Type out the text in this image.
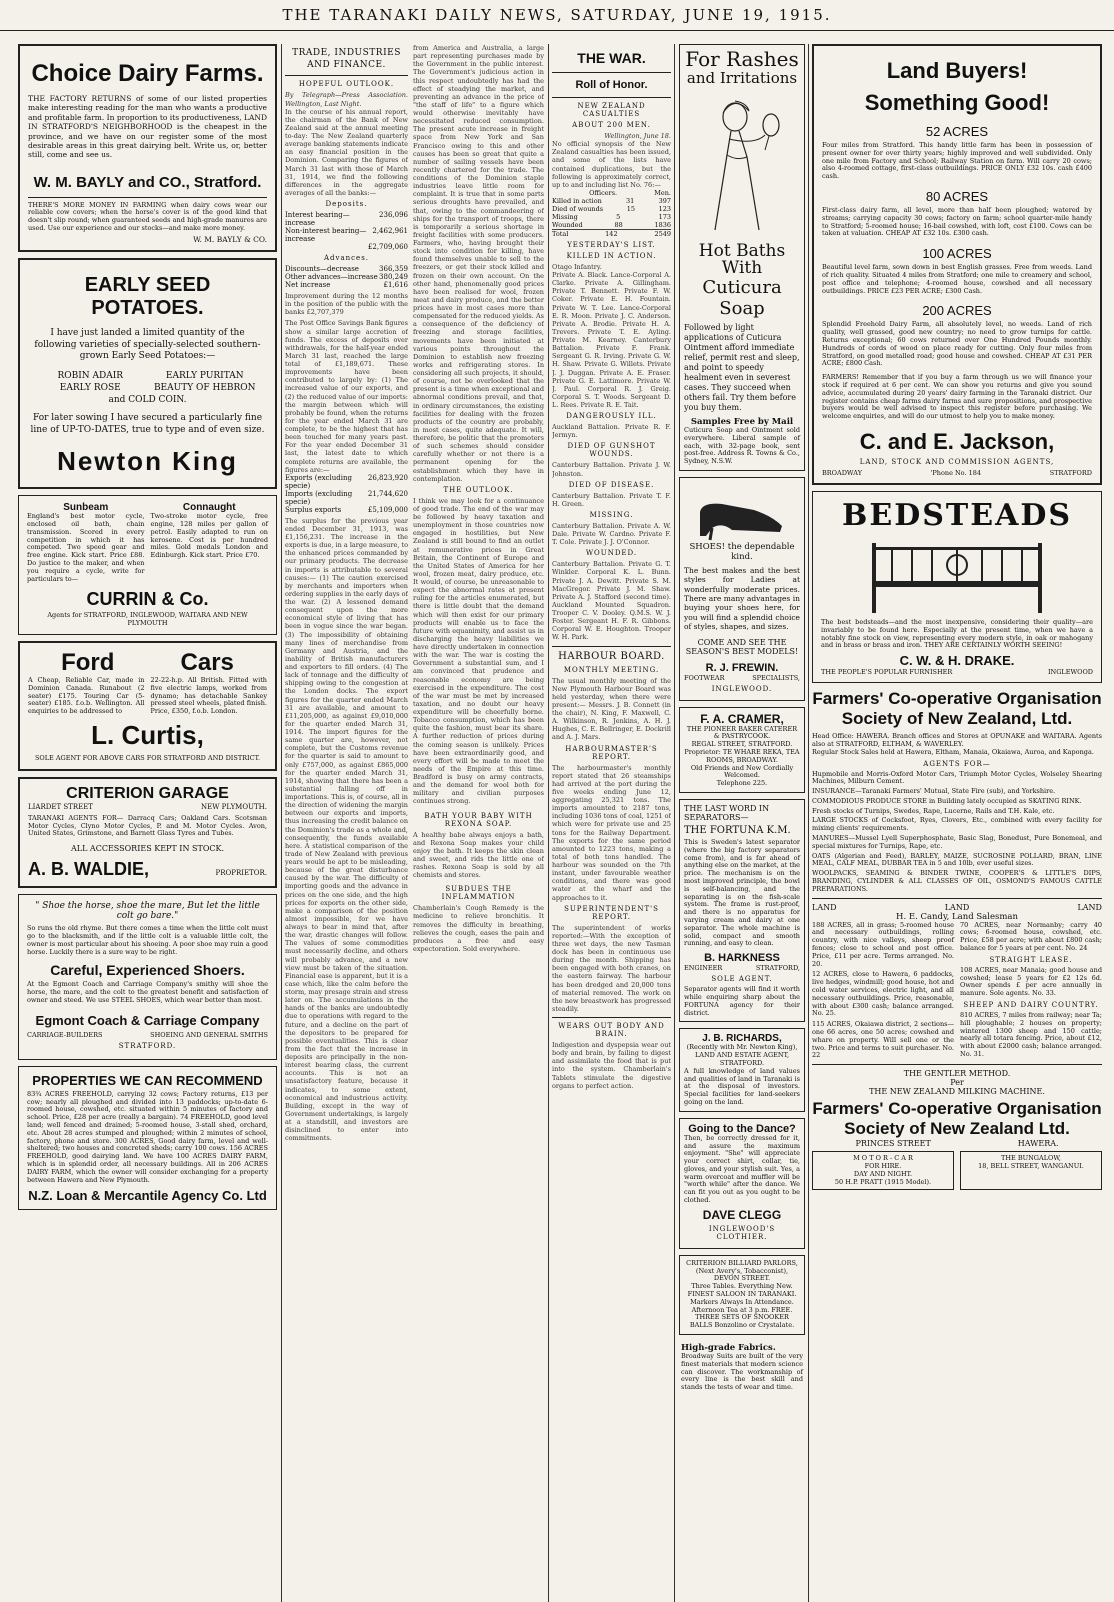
THE TARANAKI DAILY NEWS, SATURDAY, JUNE 19, 1915.
Choice Dairy Farms.
THE FACTORY RETURNS of some of our listed properties make interesting reading for the man who wants a productive and profitable farm. In proportion to its productiveness, LAND IN STRATFORD'S NEIGHBORHOOD is the cheapest in the province, and we have on our register some of the most desirable areas in this great dairying belt. Write us, or, better still, come and see us.
W. M. BAYLY and CO., Stratford.
THERE'S MORE MONEY IN FARMING when dairy cows wear our reliable cow covers; when the horse's cover is of the good kind that doesn't slip round; when guaranteed seeds and high-grade manures are used. Use our experience and our stocks—and make more money.
W. M. BAYLY & CO.
EARLY SEED POTATOES.
I have just landed a limited quantity of the following varieties of specially-selected southern-grown Early Seed Potatoes:—
ROBIN ADAIR	EARLY PURITAN
EARLY ROSE	BEAUTY OF HEBRON
and COLD COIN.
For later sowing I have secured a particularly fine line of UP-TO-DATES, true to type and of even size.
Newton King
Sunbeam
England's best motor cycle, enclosed oil bath, chain transmission. Scored in every competition in which it has competed. Two speed gear and free engine. Kick start. Price £88. Do justice to the maker, and when you require a cycle, write for particulars to—
Connaught
Two-stroke motor cycle, free engine, 128 miles per gallon of petrol. Easily adapted to run on kerosene. Cost is per hundred miles. Gold medals London and Edinburgh. Kick start. Price £70.
CURRIN & Co.
Agents for STRATFORD, INGLEWOOD, WAITARA AND NEW PLYMOUTH
Ford	Cars
A Cheap, Reliable Car, made in Dominion Canada. Runabout (2 seater) £175. Touring Car (5-seater) £185. f.o.b. Wellington. All enquiries to be addressed to
22-22-h.p. All British. Fitted with five electric lamps, worked from dynamo; has detachable Sankey pressed steel wheels, plated finish. Price, £350, f.o.b. London.
L. Curtis,
SOLE AGENT FOR ABOVE CARS FOR STRATFORD AND DISTRICT.
CRITERION GARAGE
LIARDET STREET	NEW PLYMOUTH.
TARANAKI AGENTS FOR— Darracq Cars; Oakland Cars. Scotsman Motor Cycles, Clyno Motor Cycles, P. and M. Motor Cycles. Avon, United States, Grimstone, and Barnett Glass Tyres and Tubes.
ALL ACCESSORIES KEPT IN STOCK.
A. B. WALDIE,	PROPRIETOR.
" Shoe the horse, shoe the mare, But let the little colt go bare."
So runs the old rhyme. But there comes a time when the little colt must go to the blacksmith, and if the little colt is a valuable little colt, the owner is most particular about his shoeing. A poor shoe may ruin a good horse. Luckily there is a sure way to be right.
Careful, Experienced Shoers.
At the Egmont Coach and Carriage Company's smithy will shoe the horse, the mare, and the colt to the greatest benefit and satisfaction of owner and steed. We use STEEL SHOES, which wear better than most.
Egmont Coach & Carriage Company
CARRIAGE-BUILDERS	SHOEING AND GENERAL SMITHS
STRATFORD.
PROPERTIES WE CAN RECOMMEND
83¾ ACRES FREEHOLD, carrying 32 cows; Factory returns, £13 per cow; nearly all ploughed and divided into 13 paddocks; up-to-date 6-roomed house, cowshed, etc. situated within 5 minutes of factory and school. Price, £28 per acre (really a bargain). 74 FREEHOLD, good level land; well fenced and drained; 5-roomed house, 3-stall shed, orchard, etc. About 28 acres stumped and ploughed; within 2 minutes of school, factory, phone and store. 300 ACRES, Good dairy farm, level and well-sheltered; two houses and concreted sheds; carry 100 cows. 156 ACRES FREEHOLD, good dairying land. We have 100 ACRES DAIRY FARM, which is in splendid order, all necessary buildings. All in 206 ACRES DAIRY FARM, which the owner will consider exchanging for a property between Hawera and New Plymouth.
N.Z. Loan & Mercantile Agency Co. Ltd
TRADE, INDUSTRIES AND FINANCE.
HOPEFUL OUTLOOK.
By Telegraph—Press Association. Wellington, Last Night.
In the course of his annual report, the chairman of the Bank of New Zealand said at the annual meeting to-day: The New Zealand quarterly average banking statements indicate an easy financial position in the Dominion. Comparing the figures of March 31 last with those of March 31, 1914, we find the following differences in the aggregate averages of all the banks:—
Deposits.
Interest bearing—increase
236,096
Non-interest bearing—increase
2,462,961
£2,709,060
Advances.
Discounts—decrease	366,359
Other advances—increase 380,249
Net increase	£1,616
Improvement during the 12 months in the position of the public with the banks £2,707,379
The Post Office Savings Bank figures show a similar large accretion of funds. The excess of deposits over withdrawals, for the half-year ended March 31 last, reached the large total of £1,189,671. These improvements have been contributed to largely by: (1) The increased value of our exports, and (2) the reduced value of our imports: the margin between which will probably be found, when the returns for the year ended March 31 are complete, to be the highest that has been touched for many years past. For the year ended December 31 last, the latest date to which complete returns are available, the figures are:—
Exports (excluding specie)
26,823,920
Imports (excluding specie)
21,744,620
Surplus exports	£5,109,000
The surplus for the previous year ended December 31, 1913, was £1,156,231. The increase in the exports is due, in a large measure, to the enhanced prices commanded by our primary products. The decrease in imports is attributable to several causes:— (1) The caution exercised by merchants and importers when ordering supplies in the early days of the war. (2) A lessened demand consequent upon the more economical style of living that has been in vogue since the war began. (3) The impossibility of obtaining many lines of merchandise from Germany and Austria, and the inability of British manufacturers and exporters to fill orders. (4) The lack of tonnage and the difficulty of shipping owing to the congestion at the London docks. The export figures for the quarter ended March 31 are available, and amount to £11,205,000, as against £9,010,000 for the quarter ended March 31, 1914. The import figures for the same quarter are, however, not complete, but the Customs revenue for the quarter is said to amount to only £757,000, as against £865,000 for the quarter ended March 31, 1914, showing that there has been a substantial falling off in importations. This is, of course, all in the direction of widening the margin between our exports and imports, thus increasing the credit balance on the Dominion's trade as a whole and, consequently, the funds available here. A statistical comparison of the trade of New Zealand with previous years would be apt to be misleading, because of the great disturbance caused by the war. The difficulty of importing goods and the advance in prices on the one side, and the high prices for exports on the other side, make a comparison of the position almost impossible, for we have always to bear in mind that, after the war, drastic changes will follow. The values of some commodities must necessarily decline, and others will probably advance, and a new view must be taken of the situation. Financial ease is apparent, but it is a case which, like the calm before the storm, may presage strain and stress later on. The accumulations in the hands of the banks are undoubtedly due to operations with regard to the future, and a decline on the part of the depositors to be prepared for possible eventualities. This is clear from the fact that the increase in deposits are principally in the non-interest bearing class, the current accounts. This is not an unsatisfactory feature, because it indicates, to some extent, economical and industrious activity. Building, except in the way of Government undertakings, is largely at a standstill, and investors are disinclined to enter into commitments.
from America and Australia, a large part representing purchases made by the Government in the public interest. The Government's judicious action in this respect undoubtedly has had the effect of steadying the market, and preventing an advance in the price of "the staff of life" to a figure which would otherwise inevitably have necessitated reduced consumption. The present acute increase in freight space from New York and San Francisco owing to this and other causes has been so great that quite a number of sailing vessels have been recently chartered for the trade. The conditions of the Dominion staple industries leave little room for complaint. It is true that in some parts serious droughts have prevailed, and that, owing to the commandeering of ships for the transport of troops, there is temporarily a serious shortage in freight facilities with some producers. Farmers, who, having brought their stock into condition for killing, have found themselves unable to sell to the freezers, or get their stock killed and frozen on their own account. On the other hand, phenomenally good prices have been realised for wool, frozen meat and dairy produce, and the better prices have in most cases more than compensated for the reduced yields. As a consequence of the deficiency of freezing and storage facilities, movements have been initiated at various points throughout the Dominion to establish new freezing works and refrigerating stores. In considering all such projects, it should, of course, not be overlooked that the present is a time when exceptional and abnormal conditions prevail, and that, in ordinary circumstances, the existing facilities for dealing with the frozen products of the country are probably, in most cases, quite adequate. It will, therefore, be politic that the promoters of such schemes should consider carefully whether or not there is a permanent opening for the establishment which they have in contemplation.
THE OUTLOOK.
I think we may look for a continuance of good trade. The end of the war may be followed by heavy taxation and unemployment in those countries now engaged in hostilities, but New Zealand is still bound to find an outlet at remunerative prices in Great Britain, the Continent of Europe and the United States of America for her wool, frozen meat, dairy produce, etc. It would, of course, be unreasonable to expect the abnormal rates at present ruling for the articles enumerated, but there is little doubt that the demand which will then exist for our primary products will enable us to face the future with equanimity, and assist us in discharging the heavy liabilities we have directly undertaken in connection with the war. The war is costing the Government a substantial sum, and I am convinced that prudence and reasonable economy are being exercised in the expenditure. The cost of the war must be met by increased taxation, and no doubt our heavy expenditure will be cheerfully borne. Tobacco consumption, which has been quite the fashion, must bear its share. A further reduction of prices during the coming season is unlikely. Prices have been extraordinarily good, and every effort will be made to meet the needs of the Empire at this time. Bradford is busy on army contracts, and the demand for wool both for military and civilian purposes continues strong.
BATH YOUR BABY WITH REXONA SOAP.
A healthy babe always enjoys a bath, and Rexona Soap makes your child enjoy the bath. It keeps the skin clean and sweet, and rids the little one of rashes. Rexona Soap is sold by all chemists and stores.
SUBDUES THE INFLAMMATION
Chamberlain's Cough Remedy is the medicine to relieve bronchitis. It removes the difficulty in breathing, relieves the cough, eases the pain and produces a free and easy expectoration. Sold everywhere.
THE WAR.
Roll of Honor.
NEW ZEALAND CASUALTIES
ABOUT 200 MEN.
Wellington, June 18.
No official synopsis of the New Zealand casualties has been issued, and some of the lists have contained duplications, but the following is approximately correct, up to and including list No. 76:—
Officers.	Men.
Killed in action	31	397
Died of wounds	15	123
Missing	5	173
Wounded	88	1836
Total	142	2549
YESTERDAY'S LIST.
KILLED IN ACTION.
Otago Infantry.
Private A. Black. Lance-Corporal A. Clarke. Private A. Gillingham. Private T. Bennett. Private F. W. Coker. Private E. H. Fountain. Private W. T. Lee. Lance-Corporal E. R. Moon. Private J. C. Anderson. Private A. Brodie. Private H. A. Trevers. Private T. E. Ayling. Private M. Kearney. Canterbury Battalion. Private F. Frank. Sergeant G. R. Irving. Private G. W. H. Shaw. Private G. Willets. Private J. J. Duggan. Private A. E. Fraser. Private G. E. Lattimore. Private W. J. Paul. Corporal R. J. Greig. Corporal S. T. Woods. Sergeant D. L. Rees. Private R. E. Tait.
DANGEROUSLY ILL.
Auckland Battalion. Private R. F. Jermyn.
DIED OF GUNSHOT WOUNDS.
Canterbury Battalion. Private J. W. Johnston.
DIED OF DISEASE.
Canterbury Battalion. Private T. F. H. Green.
MISSING.
Canterbury Battalion. Private A. W. Dale. Private W. Cardno. Private F. T. Cole. Private J. J. O'Connor.
WOUNDED.
Canterbury Battalion. Private G. T. Winkler. Corporal K. L. Bunn. Private J. A. Dewitt. Private S. M. MacGregor. Private J. M. Shaw. Private A. J. Stafford (second time). Auckland Mounted Squadron. Trooper C. V. Dooley. Q.M.S. W. J. Foster. Sergeant H. F. R. Gibbons. Corporal W. E. Houghton. Trooper W. H. Park.
HARBOUR BOARD.
MONTHLY MEETING.
The usual monthly meeting of the New Plymouth Harbour Board was held yesterday, when there were present:— Messrs. J. B. Connett (in the chair), N. King, F. Maxwell, C. A. Wilkinson, R. Jenkins, A. H. J. Hughes, C. E. Bellringer, E. Dockrill and A. J. Mars.
HARBOURMASTER'S REPORT.
The harbourmaster's monthly report stated that 26 steamships had arrived at the port during the five weeks ending June 12, aggregating 25,321 tons. The imports amounted to 2187 tons, including 1036 tons of coal, 1251 of which were for private use and 25 tons for the Railway Department. The exports for the same period amounted to 1223 tons, making a total of both tons handled. The harbour was sounded on the 7th instant, under favourable weather conditions, and there was good water at the wharf and the approaches to it.
SUPERINTENDENT'S REPORT.
The superintendent of works reported:—With the exception of three wet days, the new Tasman dock has been in continuous use during the month. Shipping has been engaged with both cranes, on the eastern fairway. The harbour has been dredged and 20,000 tons of material removed. The work on the new breastwork has progressed steadily.
WEARS OUT BODY AND BRAIN.
Indigestion and dyspepsia wear out body and brain, by failing to digest and assimilate the food that is put into the system. Chamberlain's Tablets stimulate the digestive organs to perfect action.
For Rashes
and Irritations
Hot Baths With
Cuticura Soap
Followed by light applications of Cuticura Ointment afford immediate relief, permit rest and sleep, and point to speedy healment even in severest cases. They succeed when others fail. Try them before you buy them.
Samples Free by Mail
Cuticura Soap and Ointment sold everywhere. Liberal sample of each, with 32-page book, sent post-free. Address R. Towns & Co., Sydney, N.S.W.
SHOES! the dependable kind.
The best makes and the best styles for Ladies at wonderfully moderate prices. There are many advantages in buying your shoes here, for you will find a splendid choice of styles, shapes, and sizes.
COME AND SEE THE SEASON'S BEST MODELS!
R. J. FREWIN.
FOOTWEAR	SPECIALISTS,
INGLEWOOD.
F. A. CRAMER,
THE PIONEER BAKER CATERER & PASTRYCOOK.
REGAL STREET, STRATFORD.
Proprietor: TE WHARE REKA, TEA ROOMS, BROADWAY.
Old Friends and New Cordially Welcomed.
Telephone 225.
THE LAST WORD IN SEPARATORS—
THE FORTUNA K.M.
This is Sweden's latest separator (where the big factory separators come from), and is far ahead of anything else on the market, at the price. The mechanism is on the most improved principle, the bowl is self-balancing, and the separating is on the fish-scale system. The frame is rust-proof, and there is no apparatus for varying cream and dairy at one separator. The whole machine is solid, compact and smooth running, and easy to clean.
B. HARKNESS
ENGINEER	STRATFORD,
SOLE AGENT.
Separator agents will find it worth while enquiring sharp about the FORTUNA agency for their district.
J. B. RICHARDS,
(Recently with Mr. Newton King), LAND AND ESTATE AGENT, STRATFORD.
A full knowledge of land values and qualities of land in Taranaki is at the disposal of investors. Special facilities for land-seekers going on the land.
Going to the Dance?
Then, be correctly dressed for it, and assure the maximum enjoyment. "She" will appreciate your correct shirt, collar, tie, gloves, and your stylish suit. Yes, a warm overcoat and muffler will be "worth while" after the dance. We can fit you out as you ought to be clothed.
DAVE CLEGG
INGLEWOOD'S CLOTHIER.
CRITERION BILLIARD PARLORS,
(Next Avery's, Tobacconist), DEVON STREET.
Three Tables. Everything New.
FINEST SALOON IN TARANAKI.
Markers Always In Attendance.
Afternoon Tea at 3 p.m. FREE.
THREE SETS OF SNOOKER BALLS Bonzolino or Crystalate.
High-grade Fabrics.
Broadway Suits are built of the very finest materials that modern science can discover. The workmanship of every line is the best skill and stands the tests of wear and time.
Land Buyers!
Something Good!
52 ACRES
Four miles from Stratford. This handy little farm has been in possession of present owner for over thirty years; highly improved and well subdivided. Only one mile from Factory and School; Railway Station on farm. Will carry 20 cows; also 4-roomed cottage, first-class outbuildings. PRICE ONLY £32 10s. cash £400 cash.
80 ACRES
First-class dairy farm, all level, more than half been ploughed; watered by streams; carrying capacity 30 cows; factory on farm; school quarter-mile handy to Stratford; 5-roomed house; 16-bail cowshed, with loft, cost £100. Cows can be taken at valuation. CHEAP AT £32 10s. £300 cash.
100 ACRES
Beautiful level farm, sown down in best English grasses. Free from weeds. Land of rich quality. Situated 4 miles from Stratford; one mile to creamery and school, post office and telephone; 4-roomed house, cowshed and all necessary outbuildings. PRICE £23 PER ACRE; £300 Cash.
200 ACRES
Splendid Freehold Dairy Farm, all absolutely level, no weeds. Land of rich quality, well grassed, good new country; no need to grow turnips for cattle. Returns exceptional; 60 cows returned over One Hundred Pounds monthly. Hundreds of cords of wood on place ready for cutting. Only four miles from Stratford, on good metalled road; good house and cowshed. CHEAP AT £31 PER ACRE; £800 Cash.
FARMERS! Remember that if you buy a farm through us we will finance your stock if required at 6 per cent. We can show you returns and give you sound advice, accumulated during 20 years' dairy farming in the Taranaki district. Our register contains cheap farms dairy farms and sure propositions, and prospective buyers would be well advised to inspect this register before purchasing. We welcome enquiries, and will do our utmost to help you to make money.
C. and E. Jackson,
LAND, STOCK AND COMMISSION AGENTS,
BROADWAY	'Phone No. 184	STRATFORD
BEDSTEADS
The best bedsteads—and the most inexpensive, considering their quality—are invariably to be found here. Especially at the present time, when we have a notably fine stock on view, representing every modern style, in oak or mahogany and in brass or brass and iron. THEY ARE CERTAINLY WORTH SEEING!
C. W. & H. DRAKE.
THE PEOPLE'S POPULAR FURNISHER	INGLEWOOD
Farmers' Co-operative Organisation
Society of New Zealand, Ltd.
Head Office: HAWERA. Branch offices and Stores at OPUNAKE and WAITARA. Agents also at STRATFORD, ELTHAM, & WAVERLEY.
Regular Stock Sales held at Hawera, Eltham, Manaia, Okaiawa, Auroa, and Kaponga.
AGENTS FOR—
Hupmobile and Morris-Oxford Motor Cars, Triumph Motor Cycles, Wolseley Shearing Machines, Milburn Cement.
INSURANCE—Taranaki Farmers' Mutual, State Fire (sub), and Yorkshire.
COMMODIOUS PRODUCE STORE in Building lately occupied as SKATING RINK.
Fresh stocks of Turnips, Swedes, Rape, Lucerne, Rails and T.H. Kale, etc.
LARGE STOCKS of Cocksfoot, Ryes, Clovers, Etc., combined with every facility for mixing clients' requirements.
MANURES—Mussel Lyell Superphosphate, Basic Slag, Bonedust, Pure Bonemeal, and special mixtures for Turnips, Rape, etc.
OATS (Algerian and Feed), BARLEY, MAIZE, SUCROSINE POLLARD, BRAN, LINE MEAL, CALF MEAL, DUBBAR TEA in 5 and 10lb, ever useful sizes.
WOOLPACKS, SEAMING & BINDER TWINE, COOPER'S & LITTLE'S DIPS, BRANDING, CYLINDER & ALL CLASSES OF OIL, OSMOND'S FAMOUS CATTLE PREPARATIONS.
LAND	LAND	LAND
H. E. Candy, Land Salesman
188 ACRES, all in grass; 5-roomed house and necessary outbuildings, rolling country, with nice valleys, sheep proof fences; close to school and post office. Price, £11 per acre. Terms arranged. No. 20.
12 ACRES, close to Hawera, 6 paddocks, live hedges, windmill; good house, hot and cold water services, electric light, and all necessary outbuildings. Price, reasonable, with about £300 cash; balance arranged. No. 25.
115 ACRES, Okaiawa district, 2 sections—one 66 acres, one 50 acres; cowshed and whare on property. Will sell one or the two. Price and terms to suit purchaser. No. 22
70 ACRES, near Normanby; carry 40 cows; 6-roomed house, cowshed, etc. Price, £58 per acre; with about £800 cash; balance for 5 years at per cent. No. 24
STRAIGHT LEASE.
108 ACRES, near Manaia; good house and cowshed; lease 5 years for £2 12s 6d. Owner spends £ per acre annually in manure. Sole agents. No. 33.
SHEEP AND DAIRY COUNTRY.
810 ACRES, 7 miles from railway; near Ta; hill ploughable; 2 houses on property; wintered 1300 sheep and 150 cattle; nearly all totara fencing. Price, about £12, with about £2000 cash; balance arranged. No. 31.
THE GENTLER METHOD.
Per
THE NEW ZEALAND MILKING MACHINE.
Farmers' Co-operative Organisation
Society of New Zealand Ltd.
PRINCES STREET	HAWERA.
M O T O R - C A R
FOR HIRE.
DAY AND NIGHT.
50 H.P. PRATT (1915 Model).
THE BUNGALOW,
18, BELL STREET, WANGANUI.
